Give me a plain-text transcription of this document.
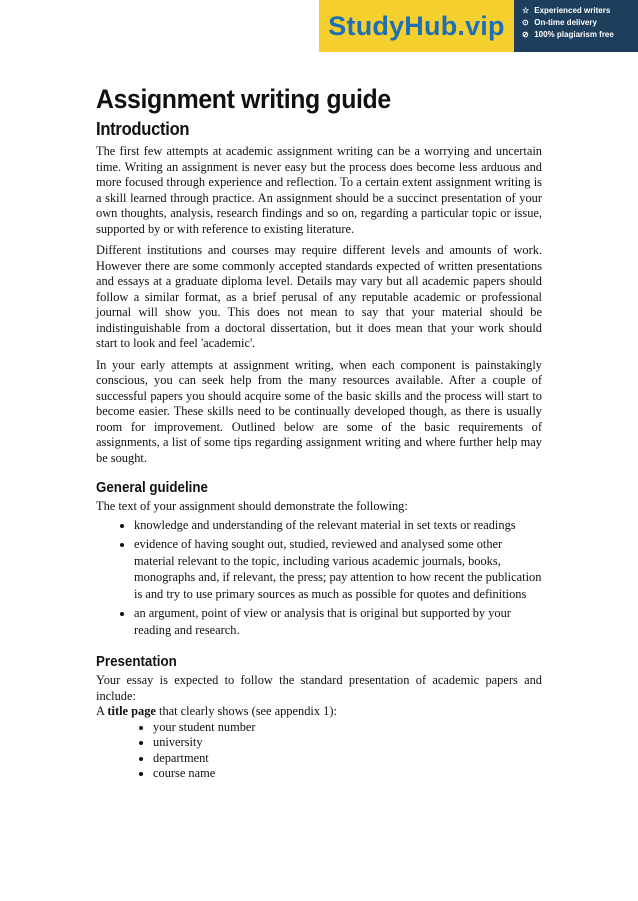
StudyHub.vip	☆ Experienced writers
⊙ On-time delivery
⊘ 100% plagiarism free
Assignment writing guide
Introduction

The first few attempts at academic assignment writing can be a worrying and uncertain time. Writing an assignment is never easy but the process does become less arduous and more focused through experience and reflection. To a certain extent assignment writing is a skill learned through practice. An assignment should be a succinct presentation of your own thoughts, analysis, research findings and so on, regarding a particular topic or issue, supported by or with reference to existing literature.

Different institutions and courses may require different levels and amounts of work. However there are some commonly accepted standards expected of written presentations and essays at a graduate diploma level. Details may vary but all academic papers should follow a similar format, as a brief perusal of any reputable academic or professional journal will show you. This does not mean to say that your material should be indistinguishable from a doctoral dissertation, but it does mean that your work should start to look and feel 'academic'.

In your early attempts at assignment writing, when each component is painstakingly conscious, you can seek help from the many resources available. After a couple of successful papers you should acquire some of the basic skills and the process will start to become easier. These skills need to be continually developed though, as there is usually room for improvement. Outlined below are some of the basic requirements of assignments, a list of some tips regarding assignment writing and where further help may be sought.

General guideline

The text of your assignment should demonstrate the following:

• knowledge and understanding of the relevant material in set texts or readings
• evidence of having sought out, studied, reviewed and analysed some other material relevant to the topic, including various academic journals, books, monographs and, if relevant, the press; pay attention to how recent the publication is and try to use primary sources as much as possible for quotes and definitions
• an argument, point of view or analysis that is original but supported by your reading and research.
Presentation

Your essay is expected to follow the standard presentation of academic papers and include:

A title page that clearly shows (see appendix 1):

• your student number
• university
• department
• course name
